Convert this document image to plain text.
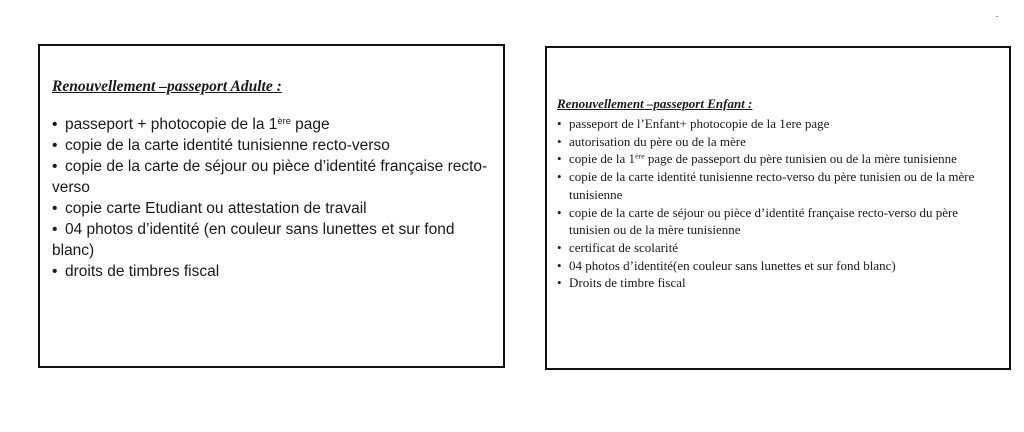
Renouvellement –passeport Adulte :
• passeport + photocopie de la 1ère page
• copie de la carte identité tunisienne recto-verso
• copie de la carte de séjour ou pièce d’identité française recto-verso
• copie carte Etudiant ou attestation de travail
• 04 photos d’identité (en couleur sans lunettes et sur fond blanc)
• droits de timbres fiscal
Renouvellement –passeport Enfant :
• passeport de l’Enfant+ photocopie de la 1ere page
• autorisation du père ou de la mère
• copie de la 1ère page de passeport du père tunisien ou de la mère tunisienne
• copie de la carte identité tunisienne recto-verso du père tunisien ou de la mère tunisienne
• copie de la carte de séjour ou pièce d’identité française recto-verso du père tunisien ou de la mère tunisienne
• certificat de scolarité
• 04 photos d’identité(en couleur sans lunettes et sur fond blanc)
• Droits de timbre fiscal
